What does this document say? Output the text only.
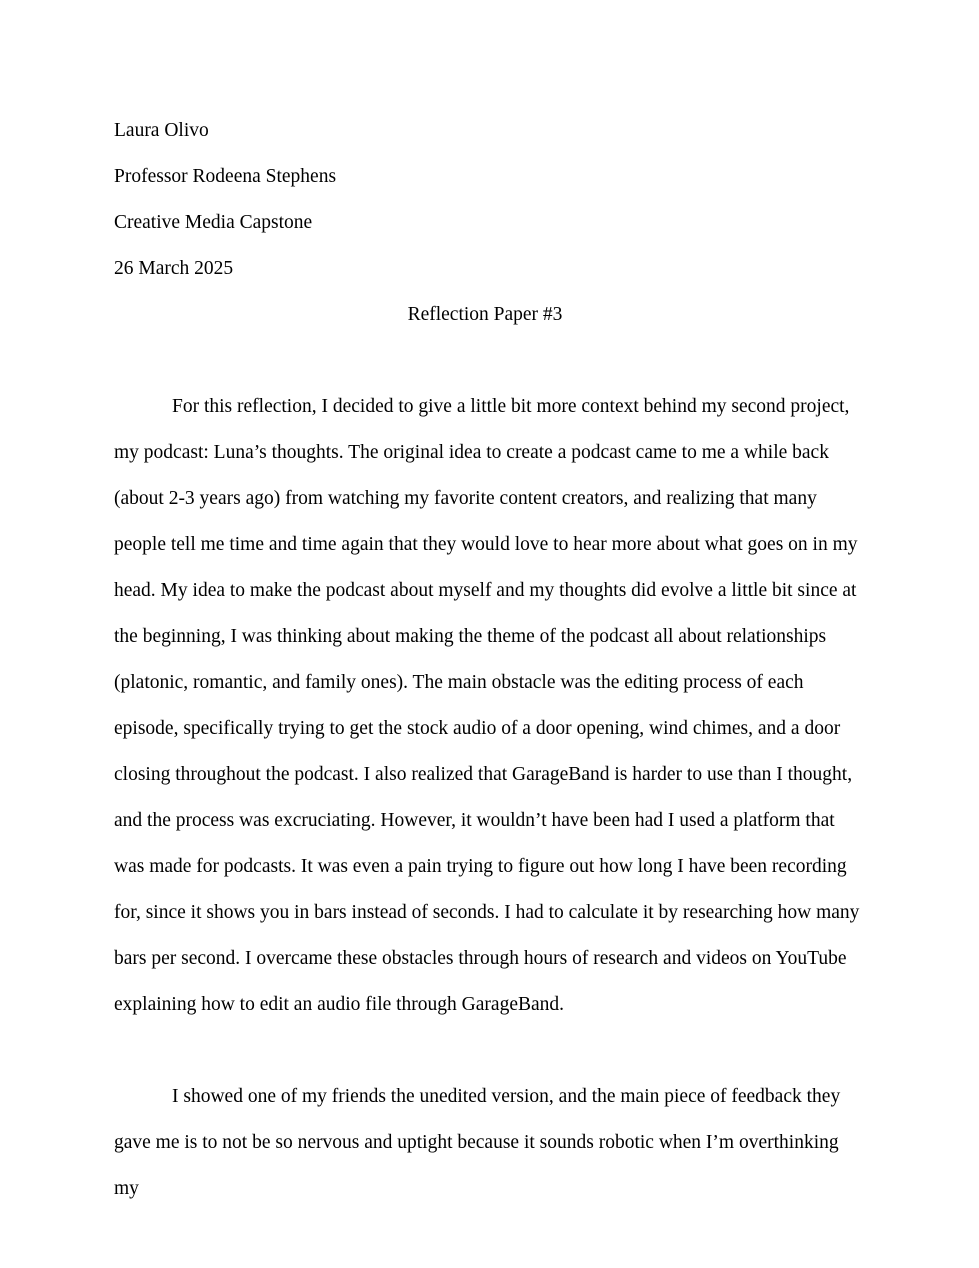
Laura Olivo

Professor Rodeena Stephens

Creative Media Capstone

26 March 2025

Reflection Paper #3

For this reflection, I decided to give a little bit more context behind my second project, my podcast: Luna’s thoughts. The original idea to create a podcast came to me a while back (about 2-3 years ago) from watching my favorite content creators, and realizing that many people tell me time and time again that they would love to hear more about what goes on in my head. My idea to make the podcast about myself and my thoughts did evolve a little bit since at the beginning, I was thinking about making the theme of the podcast all about relationships (platonic, romantic, and family ones). The main obstacle was the editing process of each episode, specifically trying to get the stock audio of a door opening, wind chimes, and a door closing throughout the podcast. I also realized that GarageBand is harder to use than I thought, and the process was excruciating. However, it wouldn’t have been had I used a platform that was made for podcasts. It was even a pain trying to figure out how long I have been recording for, since it shows you in bars instead of seconds. I had to calculate it by researching how many bars per second. I overcame these obstacles through hours of research and videos on YouTube explaining how to edit an audio file through GarageBand.

I showed one of my friends the unedited version, and the main piece of feedback they gave me is to not be so nervous and uptight because it sounds robotic when I’m overthinking my
